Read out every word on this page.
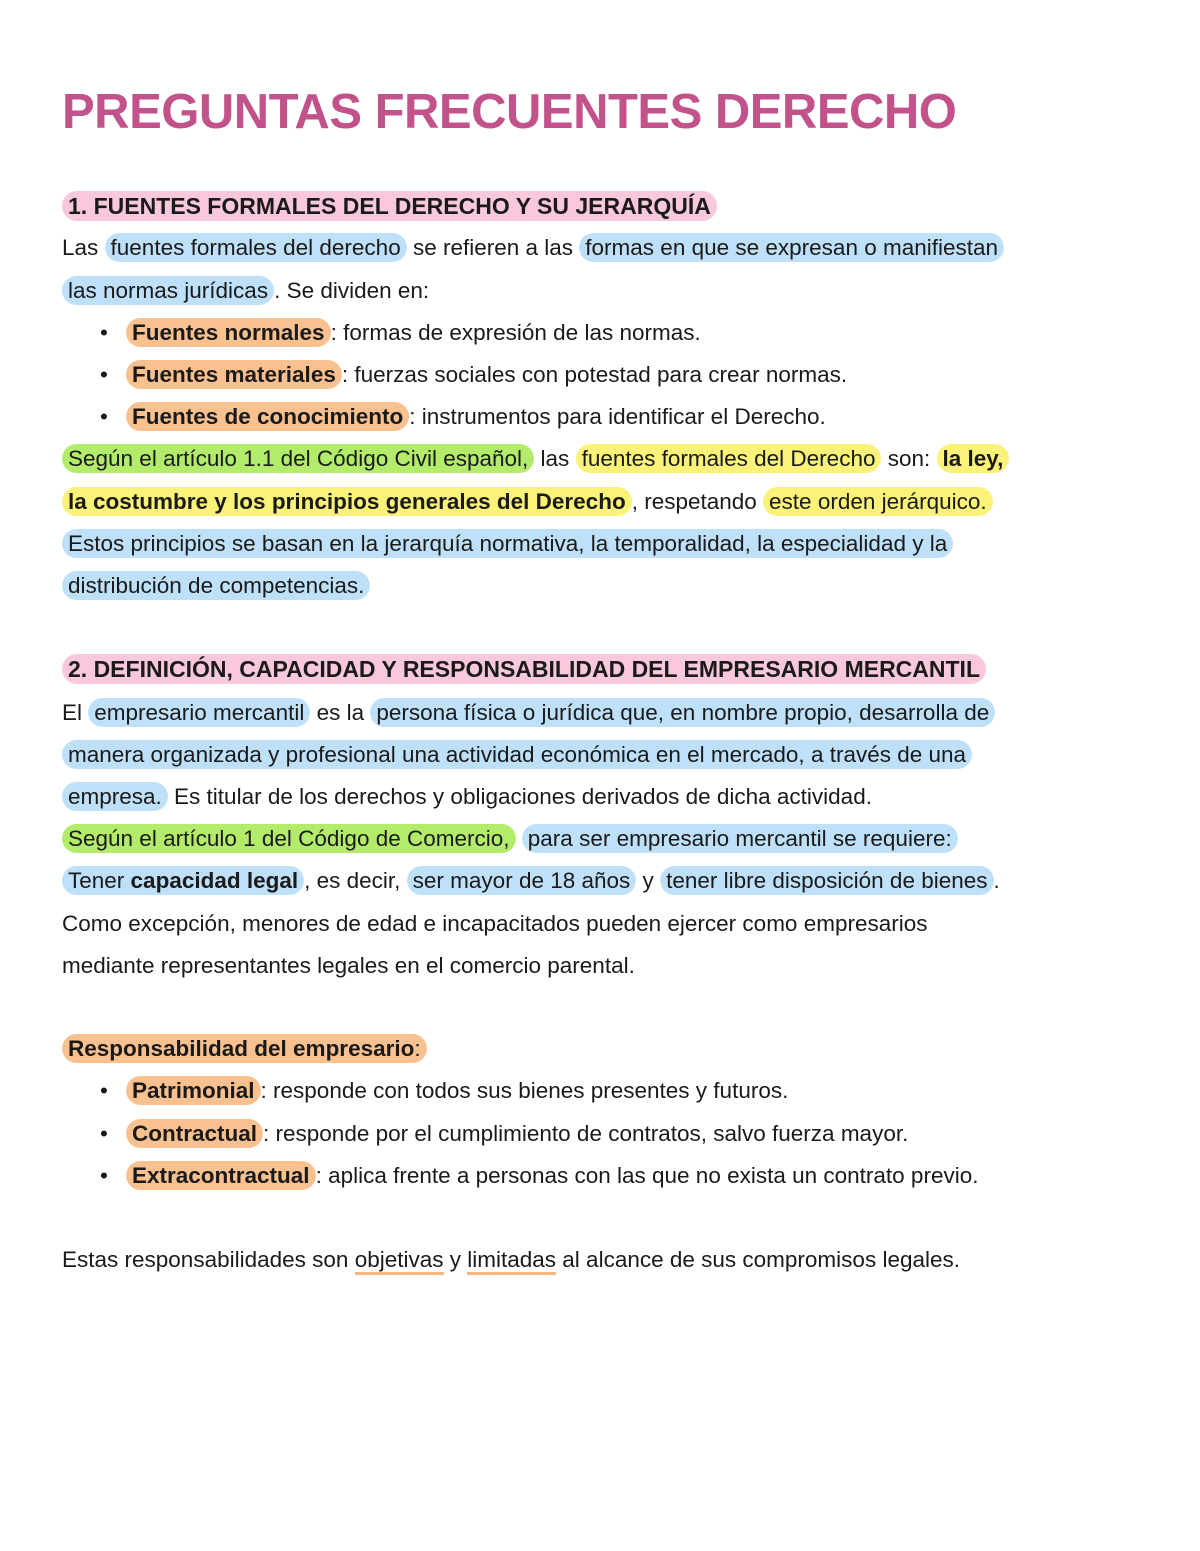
PREGUNTAS FRECUENTES DERECHO
1. FUENTES FORMALES DEL DERECHO Y SU JERARQUÍA
Las fuentes formales del derecho se refieren a las formas en que se expresan o manifiestan
las normas jurídicas . Se dividen en:
• Fuentes normales : formas de expresión de las normas.
• Fuentes materiales : fuerzas sociales con potestad para crear normas.
• Fuentes de conocimiento : instrumentos para identificar el Derecho.
Según el artículo 1.1 del Código Civil español, las fuentes formales del Derecho son: la ley,
la costumbre y los principios generales del Derecho , respetando este orden jerárquico.
Estos principios se basan en la jerarquía normativa, la temporalidad, la especialidad y la
distribución de competencias.
2. DEFINICIÓN, CAPACIDAD Y RESPONSABILIDAD DEL EMPRESARIO MERCANTIL
El empresario mercantil es la persona física o jurídica que, en nombre propio, desarrolla de
manera organizada y profesional una actividad económica en el mercado, a través de una
empresa. Es titular de los derechos y obligaciones derivados de dicha actividad.
Según el artículo 1 del Código de Comercio, para ser empresario mercantil se requiere:
Tener capacidad legal , es decir, ser mayor de 18 años y tener libre disposición de bienes .
Como excepción, menores de edad e incapacitados pueden ejercer como empresarios
mediante representantes legales en el comercio parental.
Responsabilidad del empresario:
• Patrimonial : responde con todos sus bienes presentes y futuros.
• Contractual : responde por el cumplimiento de contratos, salvo fuerza mayor.
• Extracontractual : aplica frente a personas con las que no exista un contrato previo.
Estas responsabilidades son objetivas y limitadas al alcance de sus compromisos legales.
